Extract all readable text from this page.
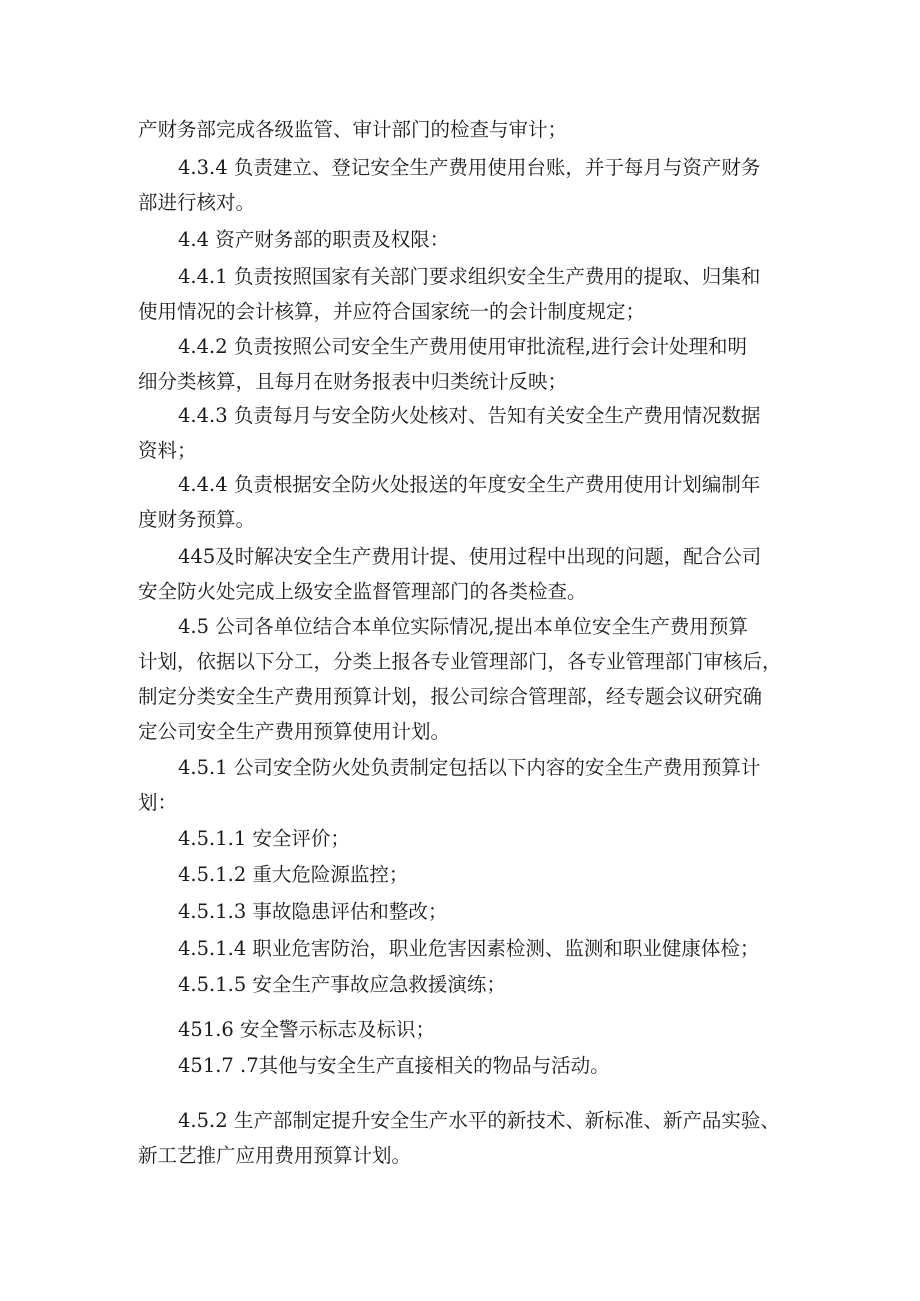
产财务部完成各级监管、审计部门的检查与审计；

4.3.4 负责建立、登记安全生产费用使用台账，并于每月与资产财务
部进行核对。

4.4 资产财务部的职责及权限：

4.4.1 负责按照国家有关部门要求组织安全生产费用的提取、归集和
使用情况的会计核算，并应符合国家统一的会计制度规定；

4.4.2 负责按照公司安全生产费用使用审批流程,进行会计处理和明
细分类核算，且每月在财务报表中归类统计反映；

4.4.3 负责每月与安全防火处核对、告知有关安全生产费用情况数据
资料；

4.4.4 负责根据安全防火处报送的年度安全生产费用使用计划编制年
度财务预算。

445及时解决安全生产费用计提、使用过程中出现的问题，配合公司
安全防火处完成上级安全监督管理部门的各类检查。

4.5 公司各单位结合本单位实际情况,提出本单位安全生产费用预算
计划，依据以下分工，分类上报各专业管理部门，各专业管理部门审核后，
制定分类安全生产费用预算计划，报公司综合管理部，经专题会议研究确
定公司安全生产费用预算使用计划。

4.5.1 公司安全防火处负责制定包括以下内容的安全生产费用预算计
划：

4.5.1.1 安全评价；

4.5.1.2 重大危险源监控；

4.5.1.3 事故隐患评估和整改；

4.5.1.4 职业危害防治，职业危害因素检测、监测和职业健康体检；

4.5.1.5 安全生产事故应急救援演练；

451.6 安全警示标志及标识；

451.7 .7其他与安全生产直接相关的物品与活动。

4.5.2 生产部制定提升安全生产水平的新技术、新标准、新产品实验、
新工艺推广应用费用预算计划。
